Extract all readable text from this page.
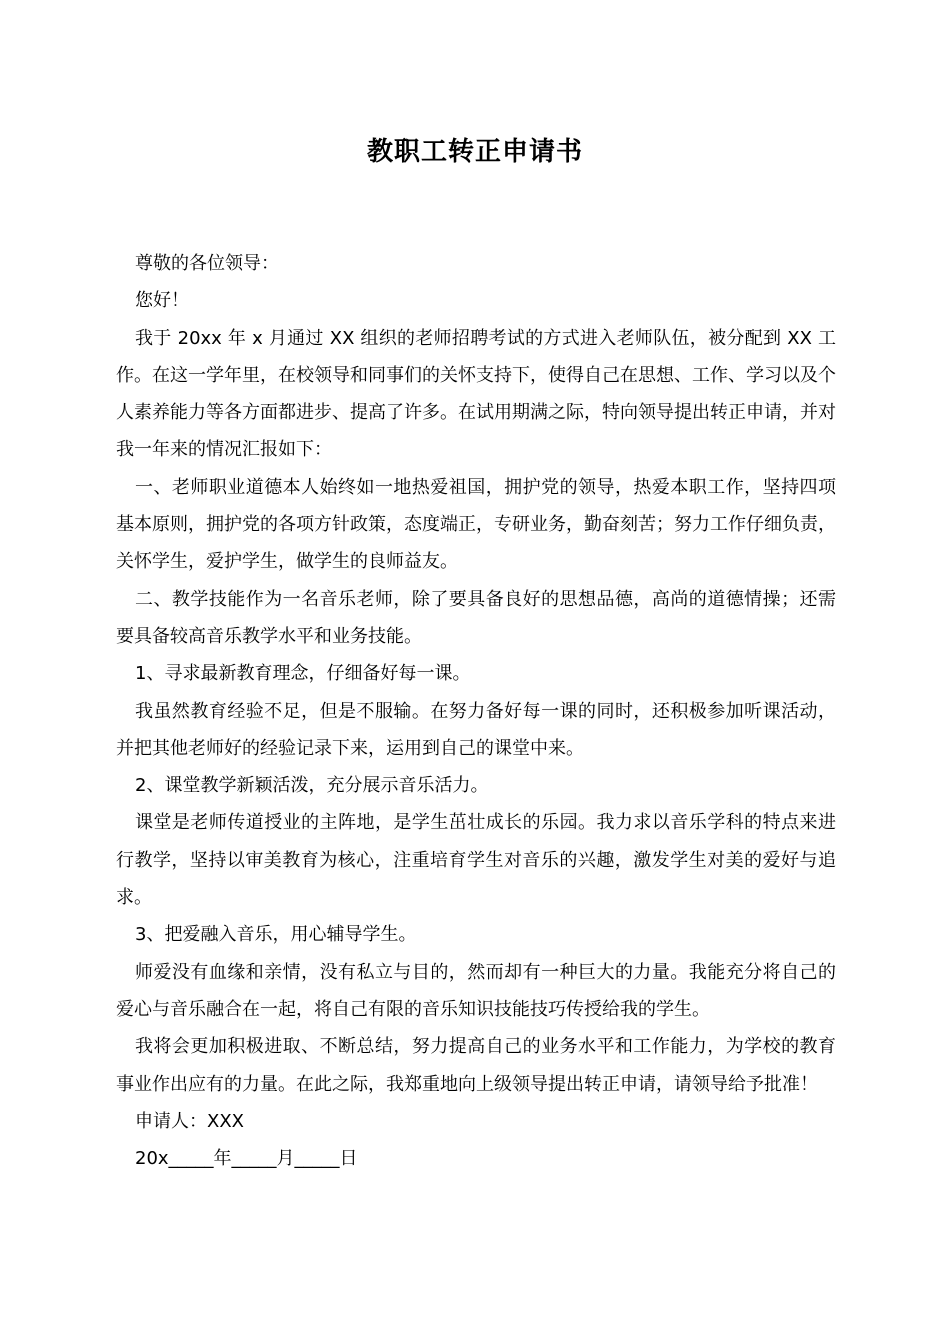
教职工转正申请书

尊敬的各位领导：

您好！

我于 20xx 年 x 月通过 XX 组织的老师招聘考试的方式进入老师队伍，被分配到 XX 工作。在这一学年里，在校领导和同事们的关怀支持下，使得自己在思想、工作、学习以及个人素养能力等各方面都进步、提高了许多。在试用期满之际，特向领导提出转正申请，并对我一年来的情况汇报如下：

一、老师职业道德本人始终如一地热爱祖国，拥护党的领导，热爱本职工作，坚持四项基本原则，拥护党的各项方针政策，态度端正，专研业务，勤奋刻苦；努力工作仔细负责，关怀学生，爱护学生，做学生的良师益友。

二、教学技能作为一名音乐老师，除了要具备良好的思想品德，高尚的道德情操；还需要具备较高音乐教学水平和业务技能。

1、寻求最新教育理念，仔细备好每一课。

我虽然教育经验不足，但是不服输。在努力备好每一课的同时，还积极参加听课活动，并把其他老师好的经验记录下来，运用到自己的课堂中来。

2、课堂教学新颖活泼，充分展示音乐活力。

课堂是老师传道授业的主阵地，是学生茁壮成长的乐园。我力求以音乐学科的特点来进行教学，坚持以审美教育为核心，注重培育学生对音乐的兴趣，激发学生对美的爱好与追求。

3、把爱融入音乐，用心辅导学生。

师爱没有血缘和亲情，没有私立与目的，然而却有一种巨大的力量。我能充分将自己的爱心与音乐融合在一起，将自己有限的音乐知识技能技巧传授给我的学生。

我将会更加积极进取、不断总结，努力提高自己的业务水平和工作能力，为学校的教育事业作出应有的力量。在此之际，我郑重地向上级领导提出转正申请，请领导给予批准！

申请人：XXX

20x_____年_____月_____日
